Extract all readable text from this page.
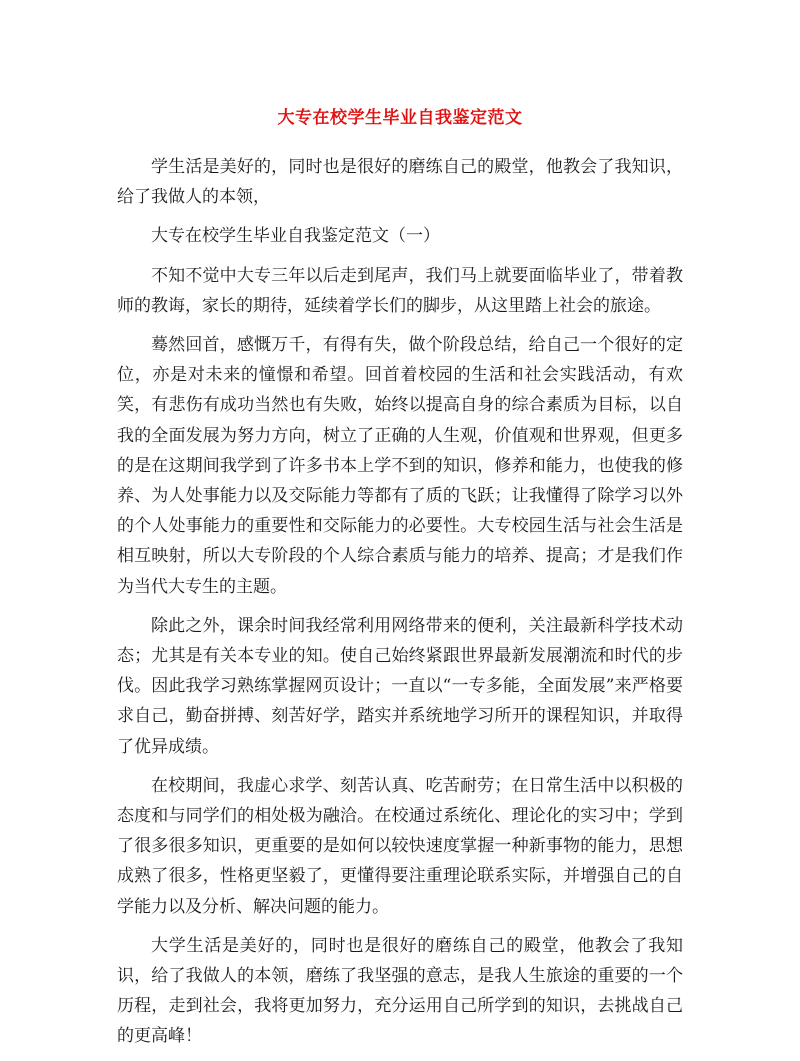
大专在校学生毕业自我鉴定范文

学生活是美好的，同时也是很好的磨练自己的殿堂，他教会了我知识，给了我做人的本领，

大专在校学生毕业自我鉴定范文（一）

不知不觉中大专三年以后走到尾声，我们马上就要面临毕业了，带着教师的教诲，家长的期待，延续着学长们的脚步，从这里踏上社会的旅途。

蓦然回首，感慨万千，有得有失，做个阶段总结，给自己一个很好的定位，亦是对未来的憧憬和希望。回首着校园的生活和社会实践活动，有欢笑，有悲伤有成功当然也有失败，始终以提高自身的综合素质为目标，以自我的全面发展为努力方向，树立了正确的人生观，价值观和世界观，但更多的是在这期间我学到了许多书本上学不到的知识，修养和能力，也使我的修养、为人处事能力以及交际能力等都有了质的飞跃；让我懂得了除学习以外的个人处事能力的重要性和交际能力的必要性。大专校园生活与社会生活是相互映射，所以大专阶段的个人综合素质与能力的培养、提高；才是我们作为当代大专生的主题。

除此之外，课余时间我经常利用网络带来的便利，关注最新科学技术动态；尤其是有关本专业的知。使自己始终紧跟世界最新发展潮流和时代的步伐。因此我学习熟练掌握网页设计；一直以“一专多能，全面发展”来严格要求自己，勤奋拼搏、刻苦好学，踏实并系统地学习所开的课程知识，并取得了优异成绩。

在校期间，我虚心求学、刻苦认真、吃苦耐劳；在日常生活中以积极的态度和与同学们的相处极为融洽。在校通过系统化、理论化的实习中；学到了很多很多知识，更重要的是如何以较快速度掌握一种新事物的能力，思想成熟了很多，性格更坚毅了，更懂得要注重理论联系实际，并增强自己的自学能力以及分析、解决问题的能力。

大学生活是美好的，同时也是很好的磨练自己的殿堂，他教会了我知识，给了我做人的本领，磨练了我坚强的意志，是我人生旅途的重要的一个历程，走到社会，我将更加努力，充分运用自己所学到的知识，去挑战自己的更高峰！
